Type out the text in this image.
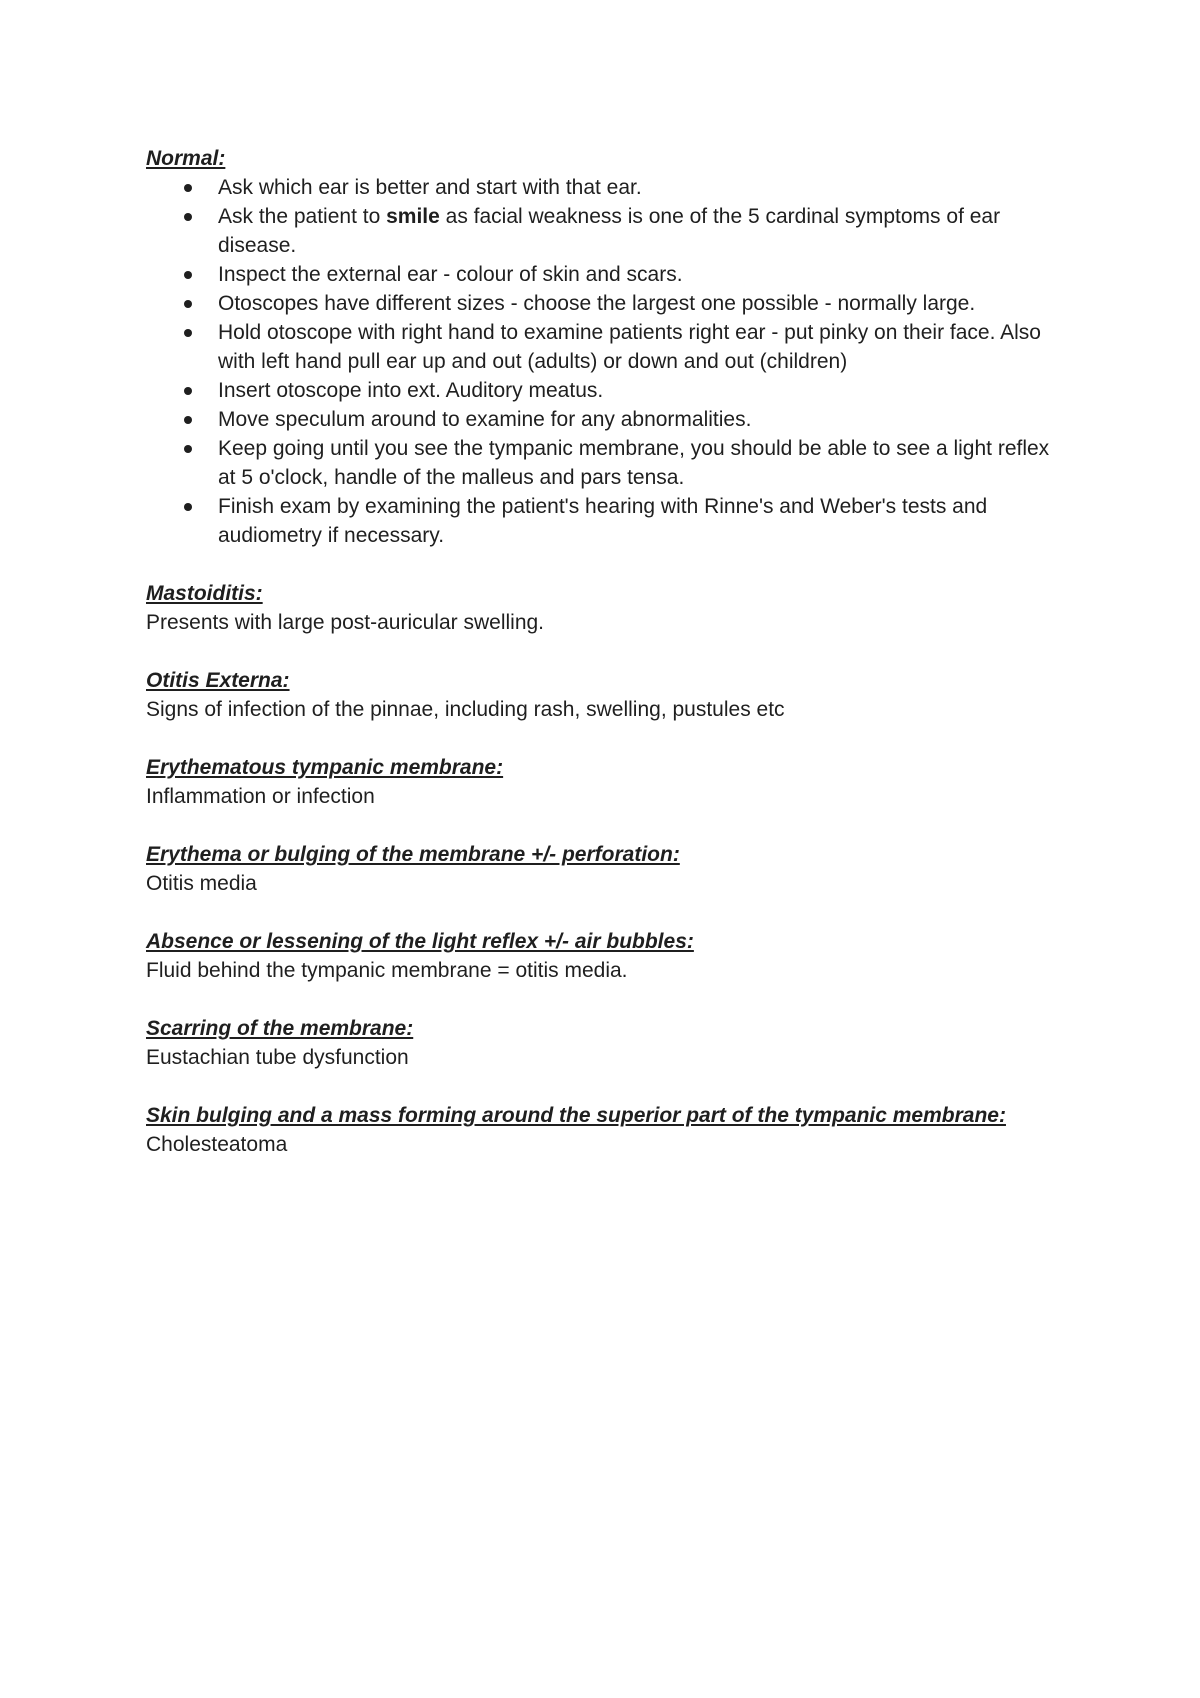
Normal:

Ask which ear is better and start with that ear.
Ask the patient to smile as facial weakness is one of the 5 cardinal symptoms of ear disease.
Inspect the external ear - colour of skin and scars.
Otoscopes have different sizes - choose the largest one possible - normally large.
Hold otoscope with right hand to examine patients right ear - put pinky on their face. Also with left hand pull ear up and out (adults) or down and out (children)
Insert otoscope into ext. Auditory meatus.
Move speculum around to examine for any abnormalities.
Keep going until you see the tympanic membrane, you should be able to see a light reflex at 5 o'clock, handle of the malleus and pars tensa.
Finish exam by examining the patient's hearing with Rinne's and Weber's tests and audiometry if necessary.

Mastoiditis:

Presents with large post-auricular swelling.

Otitis Externa:

Signs of infection of the pinnae, including rash, swelling, pustules etc

Erythematous tympanic membrane:

Inflammation or infection

Erythema or bulging of the membrane +/- perforation:

Otitis media

Absence or lessening of the light reflex +/- air bubbles:

Fluid behind the tympanic membrane = otitis media.

Scarring of the membrane:

Eustachian tube dysfunction

Skin bulging and a mass forming around the superior part of the tympanic membrane:

Cholesteatoma
